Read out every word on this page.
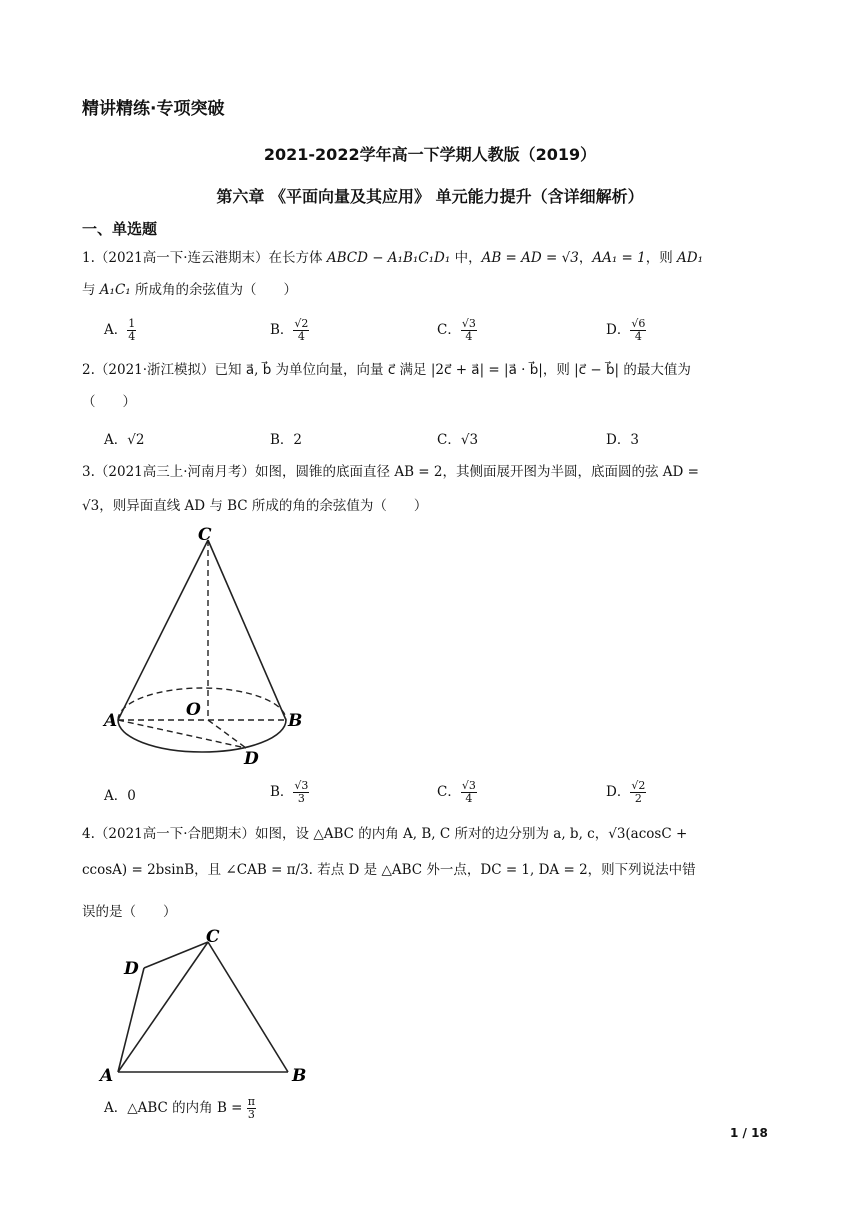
精讲精练·专项突破
2021-2022学年高一下学期人教版（2019）
第六章 《平面向量及其应用》 单元能力提升（含详细解析）
一、单选题
1.（2021高一下·连云港期末）在长方体 ABCD − A₁B₁C₁D₁ 中，AB = AD = √3，AA₁ = 1，则 AD₁
与 A₁C₁ 所成角的余弦值为（　　）
A． $\frac{1}{4}$	B． $\frac{√2}{4}$	C． $\frac{√3}{4}$	D． $\frac{√6}{4}$
2.（2021·浙江模拟）已知 a⃗, b⃗ 为单位向量，向量 c⃗ 满足 |2c⃗ + a⃗| = |a⃗ · b⃗|，则 |c⃗ − b⃗| 的最大值为
（　　）
A．√2	B．2	C．√3	D．3
3.（2021高三上·河南月考）如图，圆锥的底面直径 AB = 2，其侧面展开图为半圆，底面圆的弦 AD =
√3，则异面直线 AD 与 BC 所成的角的余弦值为（　　）
C
O
A	B
D
A．0	B． $\frac{√3}{3}$	C． $\frac{√3}{4}$	D． $\frac{√2}{2}$
4.（2021高一下·合肥期末）如图，设 △ABC 的内角 A, B, C 所对的边分别为 a, b, c，√3(acosC +
ccosA) = 2bsinB，且 ∠CAB = π/3. 若点 D 是 △ABC 外一点，DC = 1, DA = 2，则下列说法中错
误的是（　　）
C
D
A	B
A．△ABC 的内角 $B = \frac{\pi}{3}$
1 / 18
